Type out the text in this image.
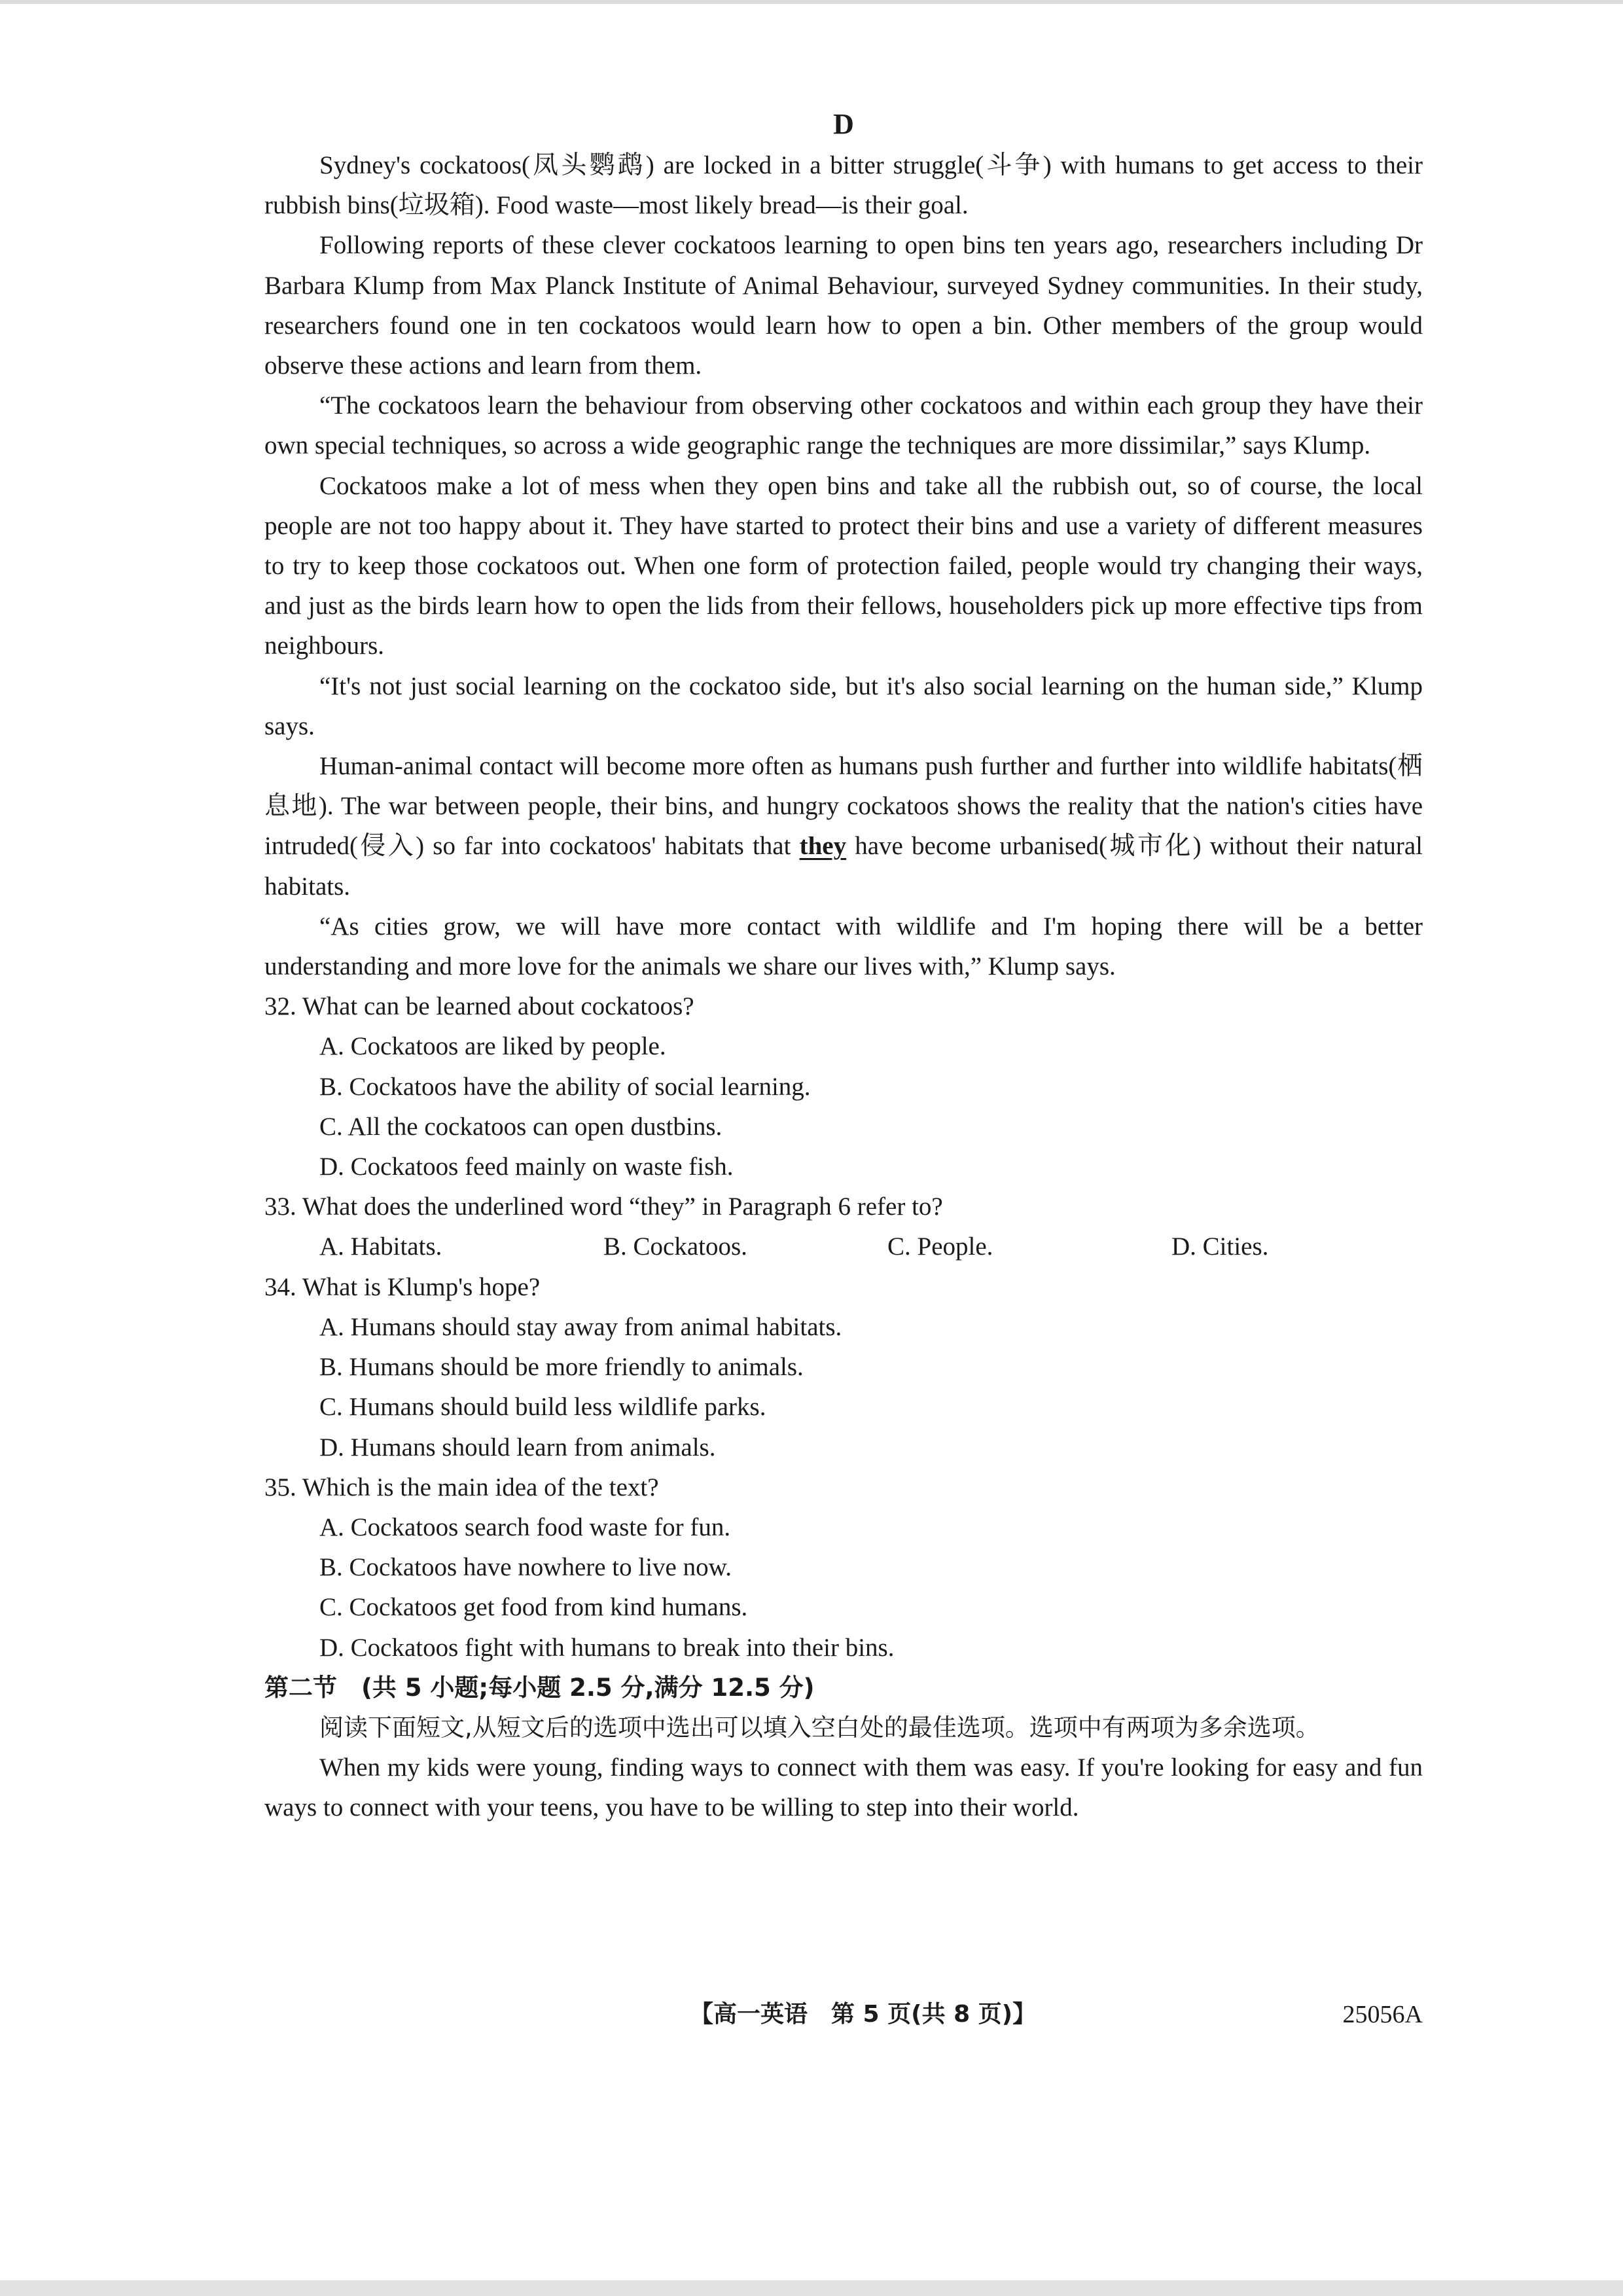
D

Sydney's cockatoos(凤头鹦鹉) are locked in a bitter struggle(斗争) with humans to get access to their rubbish bins(垃圾箱). Food waste—most likely bread—is their goal.

Following reports of these clever cockatoos learning to open bins ten years ago, researchers including Dr Barbara Klump from Max Planck Institute of Animal Behaviour, surveyed Sydney communities. In their study, researchers found one in ten cockatoos would learn how to open a bin. Other members of the group would observe these actions and learn from them.

“The cockatoos learn the behaviour from observing other cockatoos and within each group they have their own special techniques, so across a wide geographic range the techniques are more dissimilar,” says Klump.

Cockatoos make a lot of mess when they open bins and take all the rubbish out, so of course, the local people are not too happy about it. They have started to protect their bins and use a variety of different measures to try to keep those cockatoos out. When one form of protection failed, people would try changing their ways, and just as the birds learn how to open the lids from their fellows, householders pick up more effective tips from neighbours.

“It's not just social learning on the cockatoo side, but it's also social learning on the human side,” Klump says.

Human-animal contact will become more often as humans push further and further into wildlife habitats(栖息地). The war between people, their bins, and hungry cockatoos shows the reality that the nation's cities have intruded(侵入) so far into cockatoos' habitats that they have become urbanised(城市化) without their natural habitats.

“As cities grow, we will have more contact with wildlife and I'm hoping there will be a better understanding and more love for the animals we share our lives with,” Klump says.

32. What can be learned about cockatoos?

A. Cockatoos are liked by people.

B. Cockatoos have the ability of social learning.

C. All the cockatoos can open dustbins.

D. Cockatoos feed mainly on waste fish.

33. What does the underlined word “they” in Paragraph 6 refer to?

A. Habitats.	B. Cockatoos.	C. People.	D. Cities.

34. What is Klump's hope?

A. Humans should stay away from animal habitats.

B. Humans should be more friendly to animals.

C. Humans should build less wildlife parks.

D. Humans should learn from animals.

35. Which is the main idea of the text?

A. Cockatoos search food waste for fun.

B. Cockatoos have nowhere to live now.

C. Cockatoos get food from kind humans.

D. Cockatoos fight with humans to break into their bins.

第二节　(共 5 小题;每小题 2.5 分,满分 12.5 分)

阅读下面短文,从短文后的选项中选出可以填入空白处的最佳选项。选项中有两项为多余选项。

When my kids were young, finding ways to connect with them was easy. If you're looking for easy and fun ways to connect with your teens, you have to be willing to step into their world.

【高一英语　第 5 页(共 8 页)】	25056A
